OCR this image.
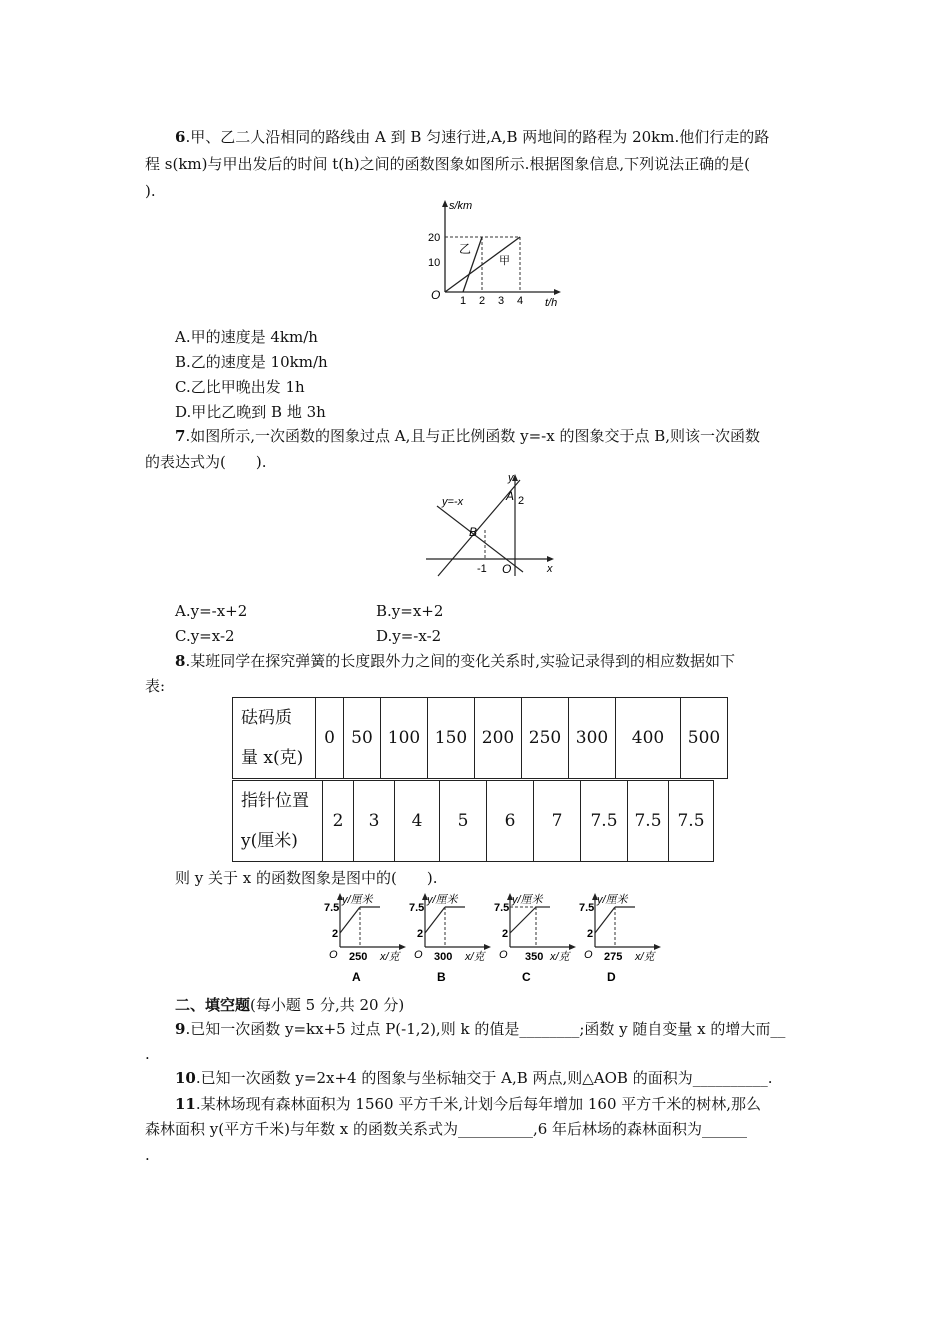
6.甲、乙二人沿相同的路线由 A 到 B 匀速行进,A,B 两地间的路程为 20km.他们行走的路
程 s(km)与甲出发后的时间 t(h)之间的函数图象如图所示.根据图象信息,下列说法正确的是(
).
s/km
t/h
O
20
10
1 2 3 4
乙
甲
A.甲的速度是 4km/h
B.乙的速度是 10km/h
C.乙比甲晚出发 1h
D.甲比乙晚到 B 地 3h
7.如图所示,一次函数的图象过点 A,且与正比例函数 y=-x 的图象交于点 B,则该一次函数
的表达式为(　　).
y
x
O
y=-x	A 2
B
-1
A.y=-x+2	B.y=x+2
C.y=x-2	D.y=-x-2
8.某班同学在探究弹簧的长度跟外力之间的变化关系时,实验记录得到的相应数据如下
表:
砝码质
量 x(克)
	0	50	100	150	200	250	300	400	500
指针位置
y(厘米)
	2	3	4	5	6	7	7.5	7.5	7.5
则 y 关于 x 的函数图象是图中的(　　).
7.5
2
y/厘米
x/克
O 250
A
7.5
2
y/厘米
x/克
O 300
B
7.5
2
y/厘米
x/克
O 350
C
7.5
2
y/厘米
x/克
O 275
D
二、填空题(每小题 5 分,共 20 分)
9.已知一次函数 y=kx+5 过点 P(-1,2),则 k 的值是________;函数 y 随自变量 x 的增大而__
.
10.已知一次函数 y=2x+4 的图象与坐标轴交于 A,B 两点,则△AOB 的面积为__________.
11.某林场现有森林面积为 1560 平方千米,计划今后每年增加 160 平方千米的树林,那么
森林面积 y(平方千米)与年数 x 的函数关系式为__________,6 年后林场的森林面积为______
.
